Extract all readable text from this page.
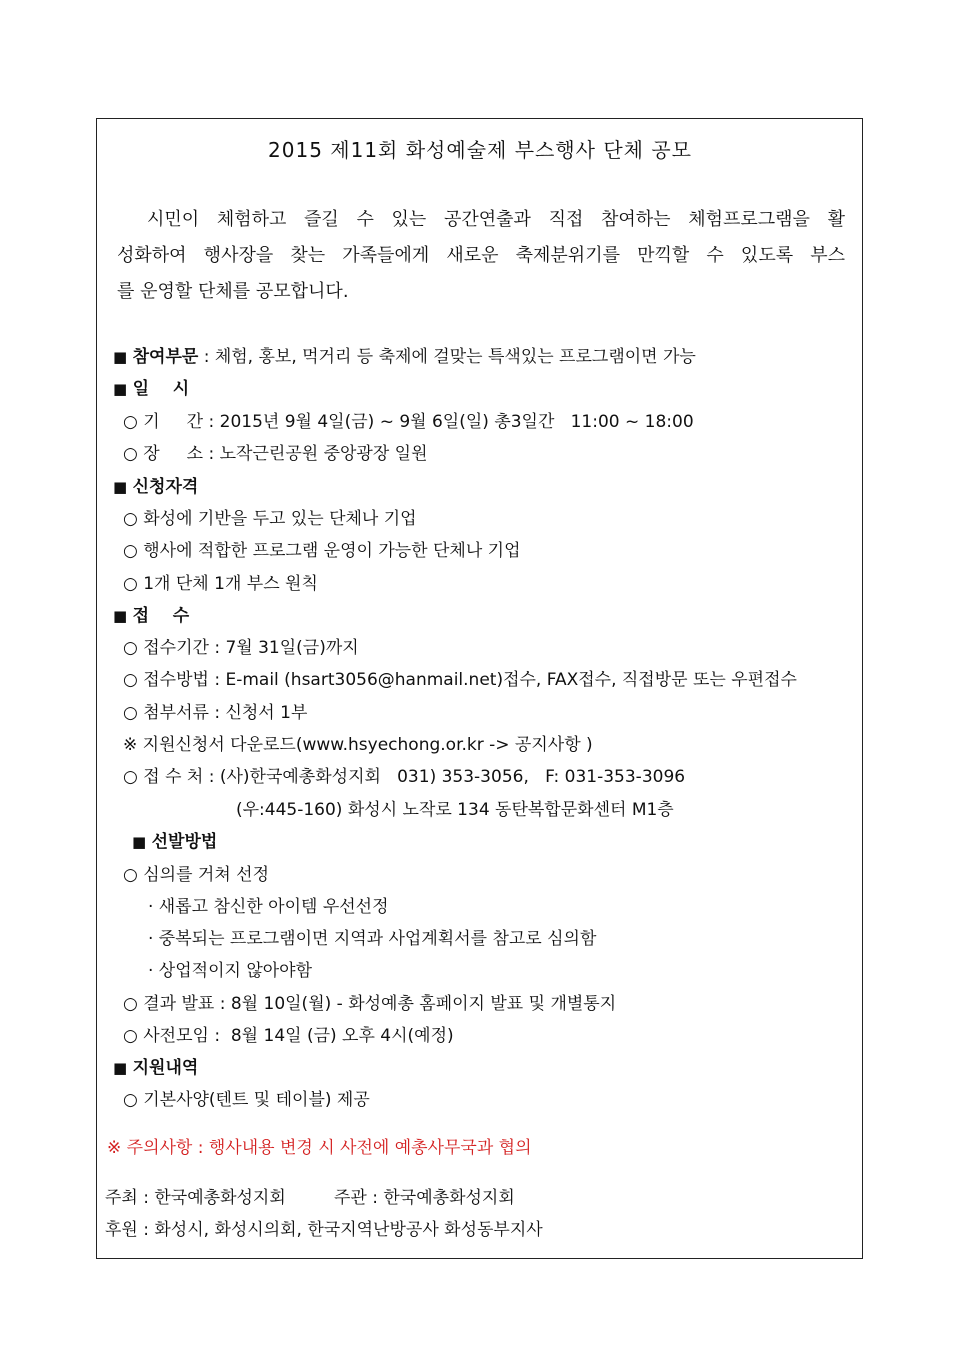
2015 제11회 화성예술제 부스행사 단체 공모
시민이 체험하고 즐길 수 있는 공간연출과 직접 참여하는 체험프로그램을 활
성화하여 행사장을 찾는 가족들에게 새로운 축제분위기를 만끽할 수 있도록 부스
를 운영할 단체를 공모합니다.
■ 참여부문 : 체험, 홍보, 먹거리 등 축제에 걸맞는 특색있는 프로그램이면 가능
■ 일    시
○ 기     간 : 2015년 9월 4일(금) ~ 9월 6일(일) 총3일간   11:00 ~ 18:00
○ 장     소 : 노작근린공원 중앙광장 일원
■ 신청자격
○ 화성에 기반을 두고 있는 단체나 기업
○ 행사에 적합한 프로그램 운영이 가능한 단체나 기업
○ 1개 단체 1개 부스 원칙
■ 접    수
○ 접수기간 : 7월 31일(금)까지
○ 접수방법 : E-mail (hsart3056@hanmail.net)접수, FAX접수, 직접방문 또는 우편접수
○ 첨부서류 : 신청서 1부
※ 지원신청서 다운로드(www.hsyechong.or.kr -> 공지사항 )
○ 접 수 처 : (사)한국예총화성지회   031) 353-3056,   F: 031-353-3096
(우:445-160) 화성시 노작로 134 동탄복합문화센터 M1층
■ 선발방법
○ 심의를 거쳐 선정
· 새롭고 참신한 아이템 우선선정
· 중복되는 프로그램이면 지역과 사업계획서를 참고로 심의함
· 상업적이지 않아야함
○ 결과 발표 : 8월 10일(월) - 화성예총 홈페이지 발표 및 개별통지
○ 사전모임 :  8월 14일 (금) 오후 4시(예정)
■ 지원내역
○ 기본사양(텐트 및 테이블) 제공
※ 주의사항 : 행사내용 변경 시 사전에 예총사무국과 협의
주최 : 한국예총화성지회	주관 : 한국예총화성지회
후원 : 화성시, 화성시의회, 한국지역난방공사 화성동부지사
